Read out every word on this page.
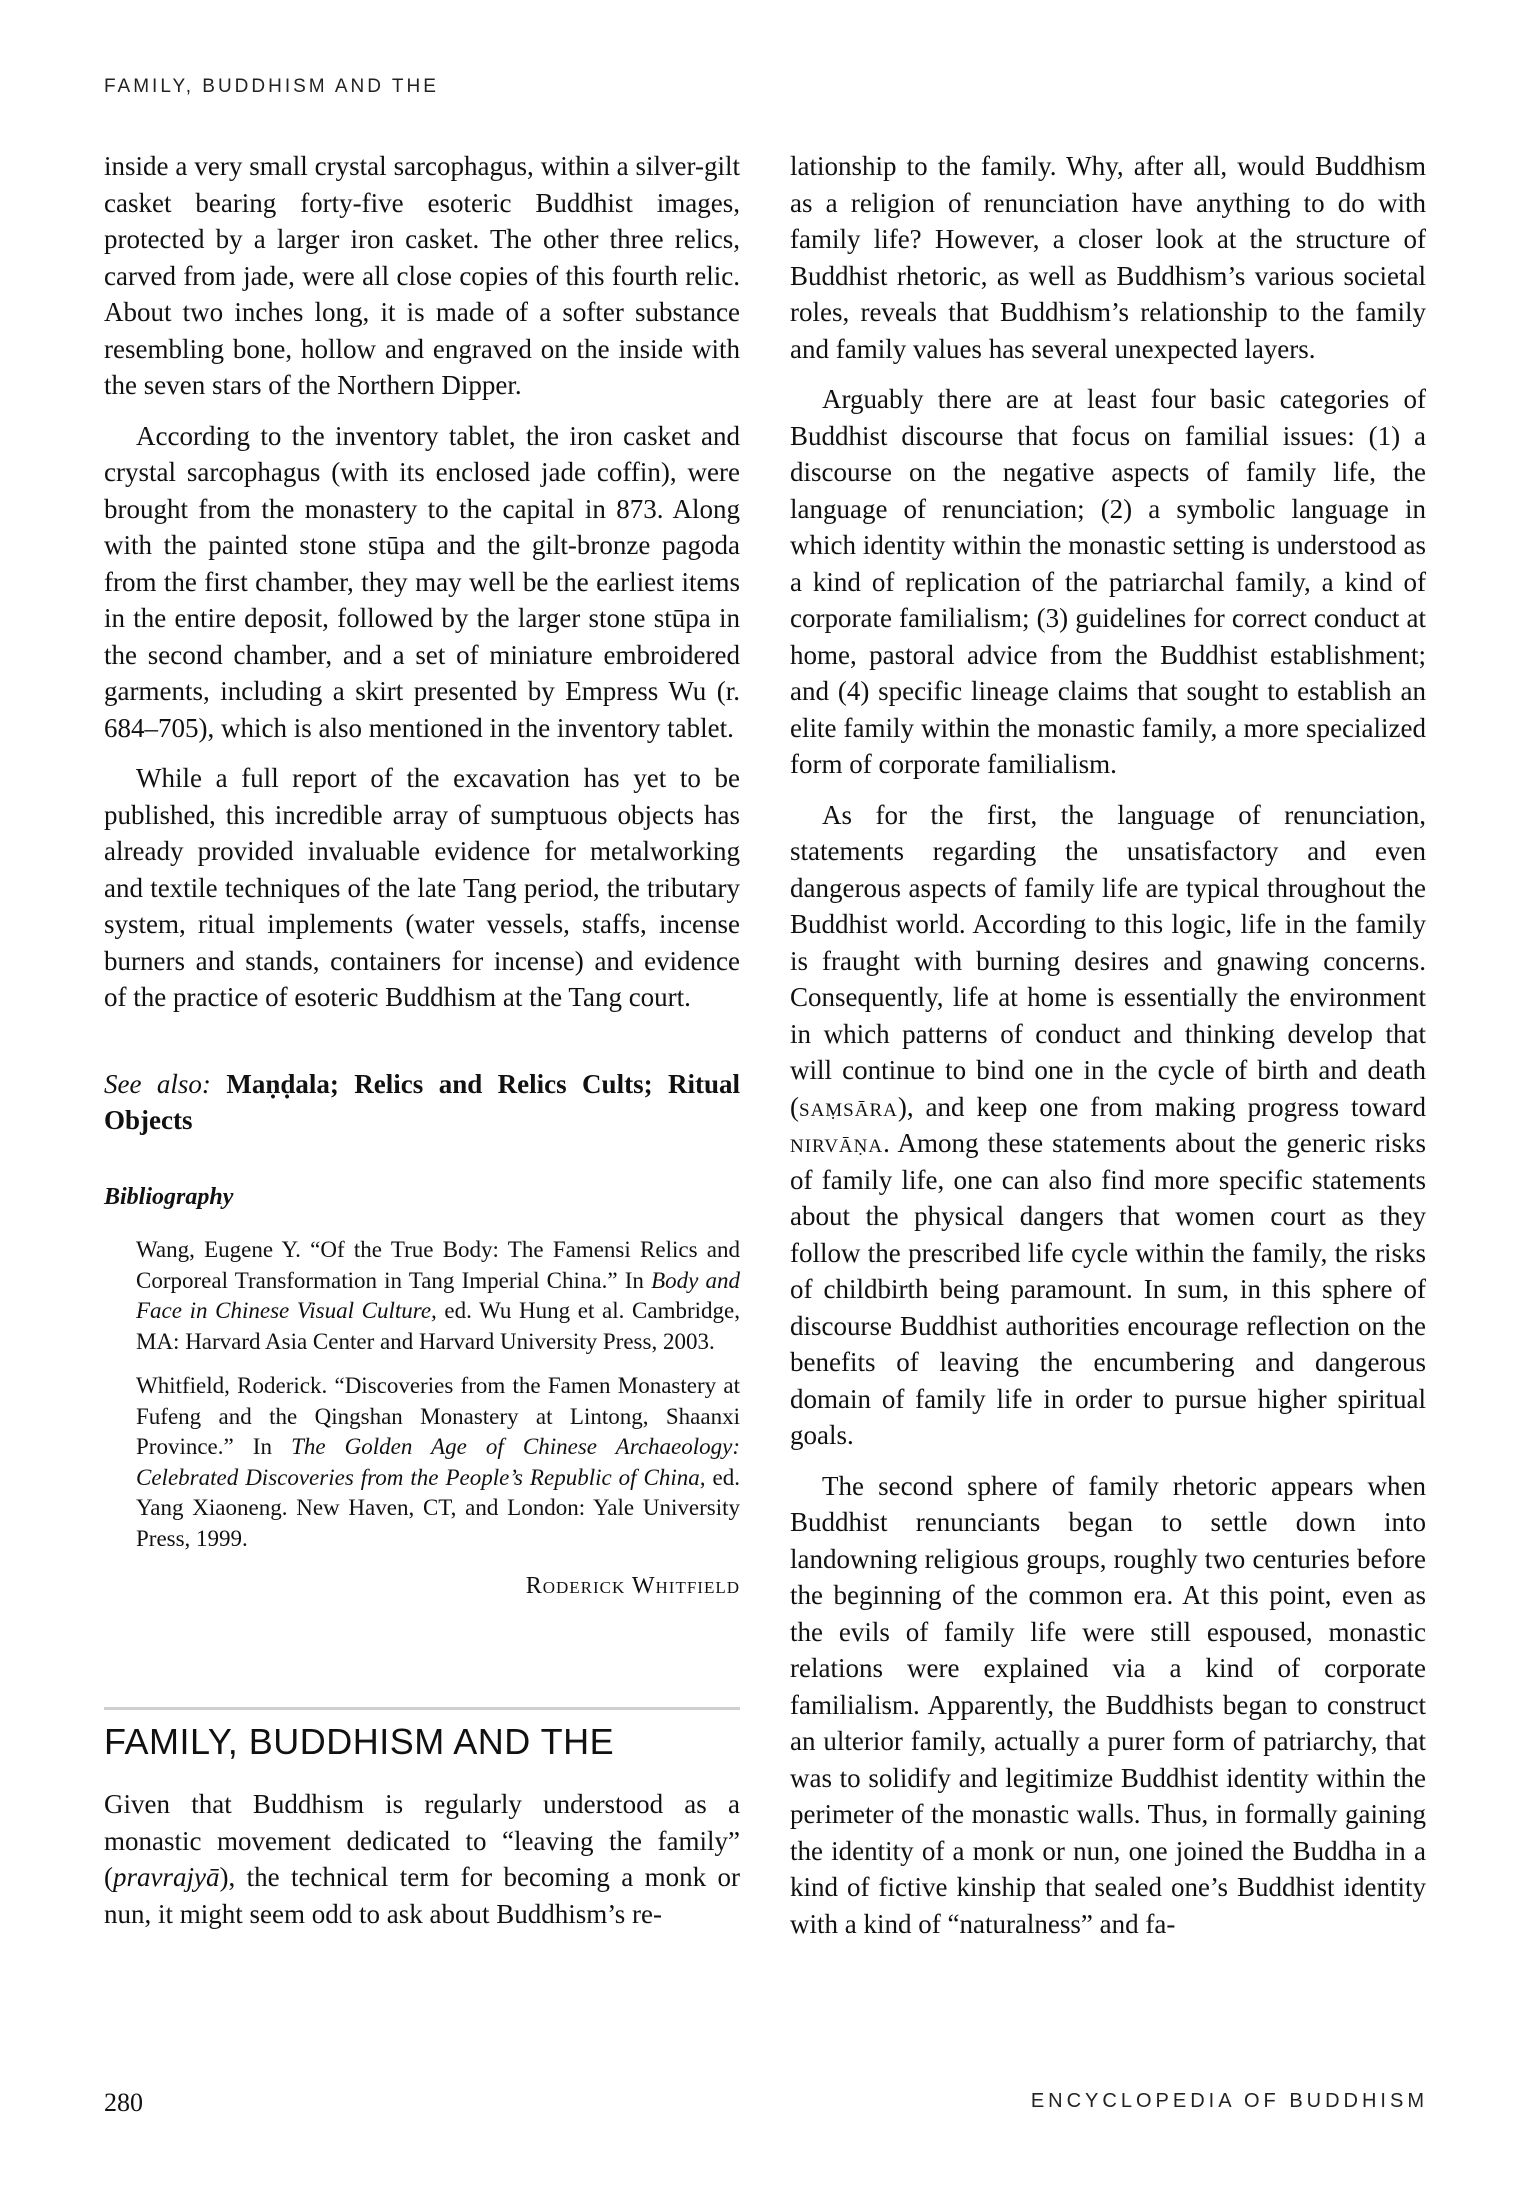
FAMILY, BUDDHISM AND THE

inside a very small crystal sarcophagus, within a silver-gilt casket bearing forty-five esoteric Buddhist images, protected by a larger iron casket. The other three relics, carved from jade, were all close copies of this fourth relic. About two inches long, it is made of a softer substance resembling bone, hollow and engraved on the inside with the seven stars of the Northern Dipper.

According to the inventory tablet, the iron casket and crystal sarcophagus (with its enclosed jade coffin), were brought from the monastery to the capital in 873. Along with the painted stone stūpa and the gilt-bronze pagoda from the first chamber, they may well be the earliest items in the entire deposit, followed by the larger stone stūpa in the second chamber, and a set of miniature embroidered garments, including a skirt presented by Empress Wu (r. 684–705), which is also mentioned in the inventory tablet.

While a full report of the excavation has yet to be published, this incredible array of sumptuous objects has already provided invaluable evidence for metalworking and textile techniques of the late Tang period, the tributary system, ritual implements (water vessels, staffs, incense burners and stands, containers for incense) and evidence of the practice of esoteric Buddhism at the Tang court.

See also: Maṇḍala; Relics and Relics Cults; Ritual Objects

Bibliography

Wang, Eugene Y. “Of the True Body: The Famensi Relics and Corporeal Transformation in Tang Imperial China.” In Body and Face in Chinese Visual Culture, ed. Wu Hung et al. Cambridge, MA: Harvard Asia Center and Harvard University Press, 2003.

Whitfield, Roderick. “Discoveries from the Famen Monastery at Fufeng and the Qingshan Monastery at Lintong, Shaanxi Province.” In The Golden Age of Chinese Archaeology: Celebrated Discoveries from the People’s Republic of China, ed. Yang Xiaoneng. New Haven, CT, and London: Yale University Press, 1999.

Roderick Whitfield
FAMILY, BUDDHISM AND THE

Given that Buddhism is regularly understood as a monastic movement dedicated to “leaving the family” (pravrajyā), the technical term for becoming a monk or nun, it might seem odd to ask about Buddhism’s re-

lationship to the family. Why, after all, would Buddhism as a religion of renunciation have anything to do with family life? However, a closer look at the structure of Buddhist rhetoric, as well as Buddhism’s various societal roles, reveals that Buddhism’s relationship to the family and family values has several unexpected layers.

Arguably there are at least four basic categories of Buddhist discourse that focus on familial issues: (1) a discourse on the negative aspects of family life, the language of renunciation; (2) a symbolic language in which identity within the monastic setting is understood as a kind of replication of the patriarchal family, a kind of corporate familialism; (3) guidelines for correct conduct at home, pastoral advice from the Buddhist establishment; and (4) specific lineage claims that sought to establish an elite family within the monastic family, a more specialized form of corporate familialism.

As for the first, the language of renunciation, statements regarding the unsatisfactory and even dangerous aspects of family life are typical throughout the Buddhist world. According to this logic, life in the family is fraught with burning desires and gnawing concerns. Consequently, life at home is essentially the environment in which patterns of conduct and thinking develop that will continue to bind one in the cycle of birth and death (saṃsāra), and keep one from making progress toward nirvāṇa. Among these statements about the generic risks of family life, one can also find more specific statements about the physical dangers that women court as they follow the prescribed life cycle within the family, the risks of childbirth being paramount. In sum, in this sphere of discourse Buddhist authorities encourage reflection on the benefits of leaving the encumbering and dangerous domain of family life in order to pursue higher spiritual goals.

The second sphere of family rhetoric appears when Buddhist renunciants began to settle down into landowning religious groups, roughly two centuries before the beginning of the common era. At this point, even as the evils of family life were still espoused, monastic relations were explained via a kind of corporate familialism. Apparently, the Buddhists began to construct an ulterior family, actually a purer form of patriarchy, that was to solidify and legitimize Buddhist identity within the perimeter of the monastic walls. Thus, in formally gaining the identity of a monk or nun, one joined the Buddha in a kind of fictive kinship that sealed one’s Buddhist identity with a kind of “naturalness” and fa-

280	ENCYCLOPEDIA OF BUDDHISM
